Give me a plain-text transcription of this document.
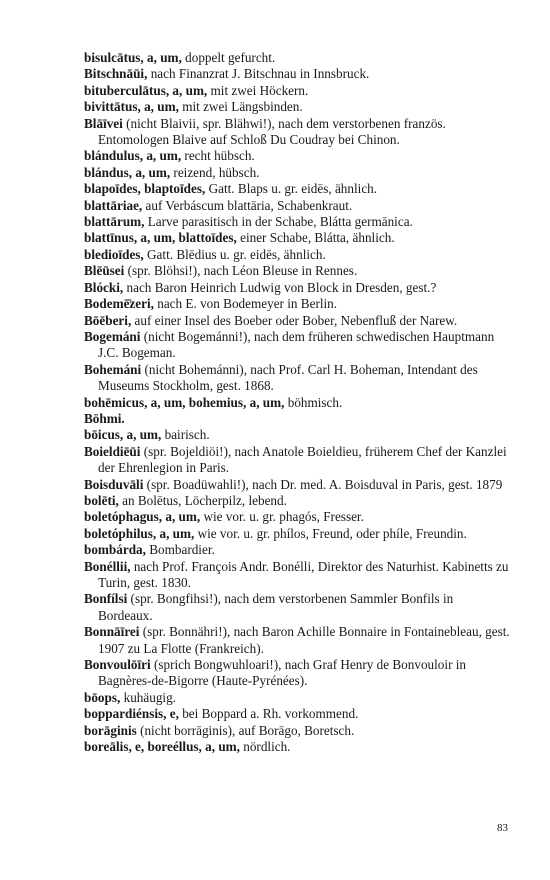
bisulcātus, a, um, doppelt gefurcht.

Bitschnāūi, nach Finanzrat J. Bitschnau in Innsbruck.

bituberculātus, a, um, mit zwei Höckern.

bivittātus, a, um, mit zwei Längsbinden.

Blāīvei (nicht Blaivii, spr. Blähwi!), nach dem verstorbenen französ. Entomologen Blaive auf Schloß Du Coudray bei Chinon.

blándulus, a, um, recht hübsch.

blándus, a, um, reizend, hübsch.

blapoīdes, blaptoīdes, Gatt. Blaps u. gr. eidēs, ähnlich.

blattāriae, auf Verbáscum blattāria, Schabenkraut.

blattārum, Larve parasitisch in der Schabe, Blátta germānica.

blattīnus, a, um, blattoīdes, einer Schabe, Blátta, ähnlich.

bledioīdes, Gatt. Blēdius u. gr. eidēs, ähnlich.

Blēūsei (spr. Blöhsi!), nach Léon Bleuse in Rennes.

Blócki, nach Baron Heinrich Ludwig von Block in Dresden, gest.?

Bodemē̄zeri, nach E. von Bodemeyer in Berlin.

Bōēberi, auf einer Insel des Boeber oder Bober, Nebenfluß der Narew.

Bogemáni (nicht Bogemánni!), nach dem früheren schwedischen Hauptmann J.C. Bogeman.

Bohemáni (nicht Bohemánni), nach Prof. Carl H. Boheman, Intendant des Museums Stockholm, gest. 1868.

bohēmicus, a, um, bohemius, a, um, böhmisch.

Böhmi.

bōicus, a, um, bairisch.

Boieldiēūi (spr. Bojeldiöi!), nach Anatole Boieldieu, früherem Chef der Kanzlei der Ehrenlegion in Paris.

Boisduvāli (spr. Boadüwahli!), nach Dr. med. A. Boisduval in Paris, gest. 1879

bolēti, an Bolētus, Löcherpilz, lebend.

boletóphagus, a, um, wie vor. u. gr. phagós, Fresser.

boletóphilus, a, um, wie vor. u. gr. phílos, Freund, oder phíle, Freundin.

bombárda, Bombardier.

Bonéllii, nach Prof. François Andr. Bonélli, Direktor des Naturhist. Kabinetts zu Turin, gest. 1830.

Bonfílsi (spr. Bongfihsi!), nach dem verstorbenen Sammler Bonfils in Bordeaux.

Bonnāīrei (spr. Bonnähri!), nach Baron Achille Bonnaire in Fontainebleau, gest. 1907 zu La Flotte (Frankreich).

Bonvoulōīri (sprich Bongwuhloari!), nach Graf Henry de Bonvouloir in Bagnères-de-Bigorre (Haute-Pyrénées).

bōops, kuhäugig.

boppardiénsis, e, bei Boppard a. Rh. vorkommend.

borāginis (nicht borrāginis), auf Borāgo, Boretsch.

boreālis, e, boreéllus, a, um, nördlich.

83
